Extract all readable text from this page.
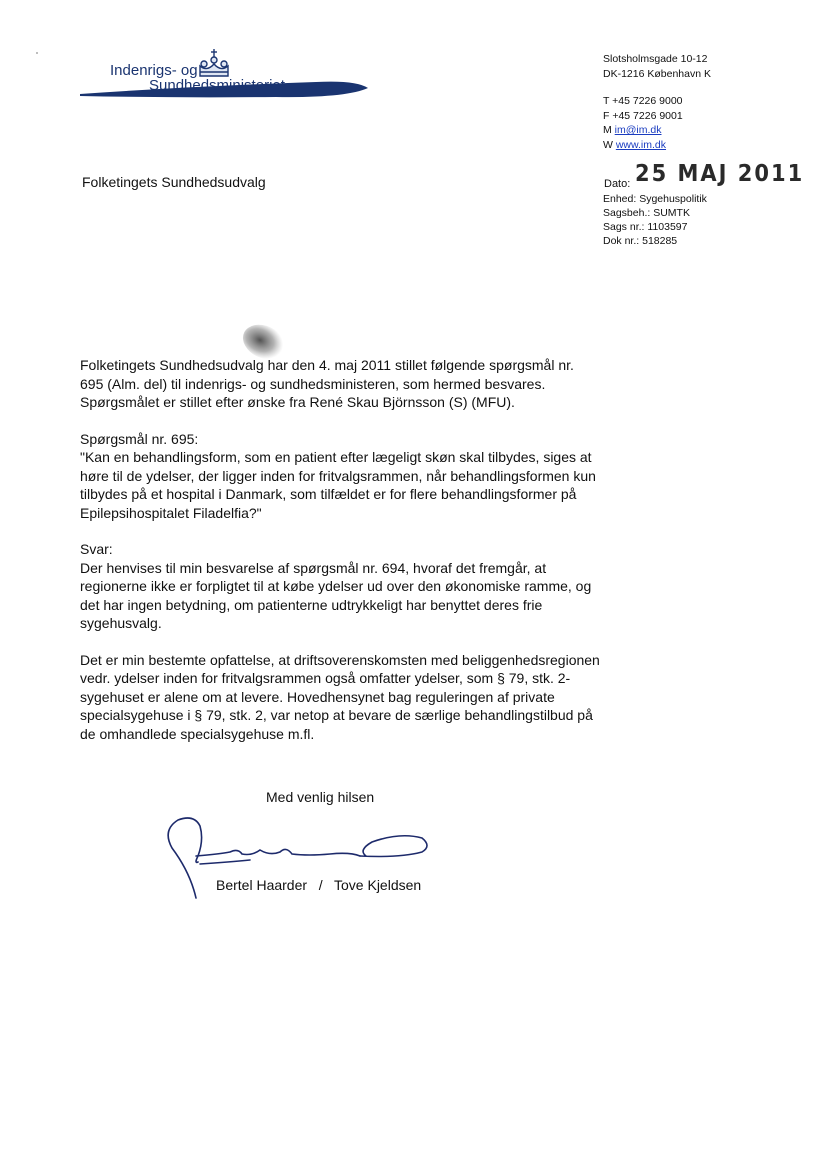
Indenrigs- og
Sundhedsministeriet
Slotsholmsgade 10-12
DK-1216 København K
T +45 7226 9000
F +45 7226 9001
M im@im.dk
W www.im.dk
Folketingets Sundhedsudvalg	Dato: 25 MAJ 2011
Enhed: Sygehuspolitik
Sagsbeh.: SUMTK
Sags nr.: 1103597
Dok nr.: 518285

Folketingets Sundhedsudvalg har den 4. maj 2011 stillet følgende spørgsmål nr. 695 (Alm. del) til indenrigs- og sundhedsministeren, som hermed besvares. Spørgsmålet er stillet efter ønske fra René Skau Björnsson (S) (MFU).

Spørgsmål nr. 695:

"Kan en behandlingsform, som en patient efter lægeligt skøn skal tilbydes, siges at høre til de ydelser, der ligger inden for fritvalgsrammen, når behandlingsformen kun tilbydes på et hospital i Danmark, som tilfældet er for flere behandlingsformer på Epilepsihospitalet Filadelfia?"

Svar:

Der henvises til min besvarelse af spørgsmål nr. 694, hvoraf det fremgår, at regionerne ikke er forpligtet til at købe ydelser ud over den økonomiske ramme, og det har ingen betydning, om patienterne udtrykkeligt har benyttet deres frie sygehusvalg.

Det er min bestemte opfattelse, at driftsoverenskomsten med beliggenhedsregionen vedr. ydelser inden for fritvalgsrammen også omfatter ydelser, som § 79, stk. 2-sygehuset er alene om at levere. Hovedhensynet bag reguleringen af private specialsygehuse i § 79, stk. 2, var netop at bevare de særlige behandlingstilbud på de omhandlede specialsygehuse m.fl.

Med venlig hilsen
Bertel Haarder   /   Tove Kjeldsen
